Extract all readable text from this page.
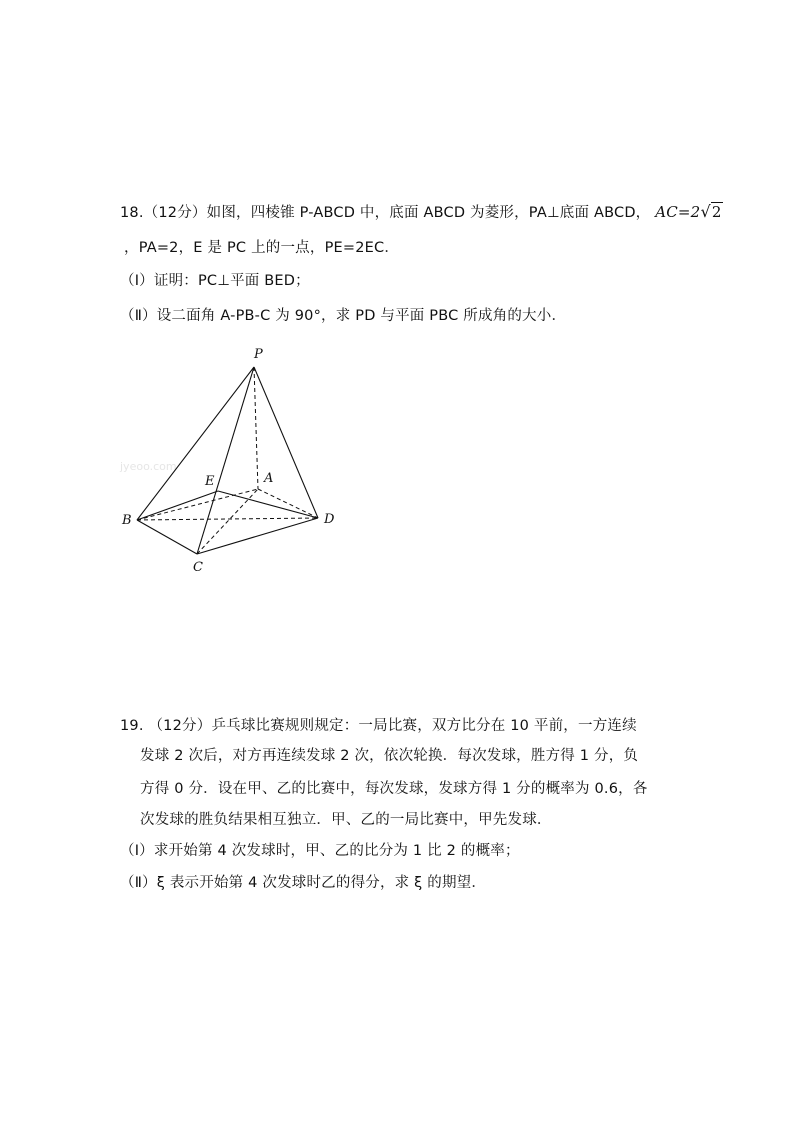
18.（12分）如图，四棱锥 P-ABCD 中，底面 ABCD 为菱形，PA⊥底面 ABCD， AC=2√2
，PA=2，E 是 PC 上的一点，PE=2EC．
（Ⅰ）证明：PC⊥平面 BED；
（Ⅱ）设二面角 A-PB-C 为 90°，求 PD 与平面 PBC 所成角的大小．
jyeoo.com
P
A
B
C
D
E
19. （12分）乒乓球比赛规则规定：一局比赛，双方比分在 10 平前，一方连续
发球 2 次后，对方再连续发球 2 次，依次轮换．每次发球，胜方得 1 分，负
方得 0 分．设在甲、乙的比赛中，每次发球，发球方得 1 分的概率为 0.6，各
次发球的胜负结果相互独立．甲、乙的一局比赛中，甲先发球．
（Ⅰ）求开始第 4 次发球时，甲、乙的比分为 1 比 2 的概率；
（Ⅱ）ξ 表示开始第 4 次发球时乙的得分，求 ξ 的期望．
